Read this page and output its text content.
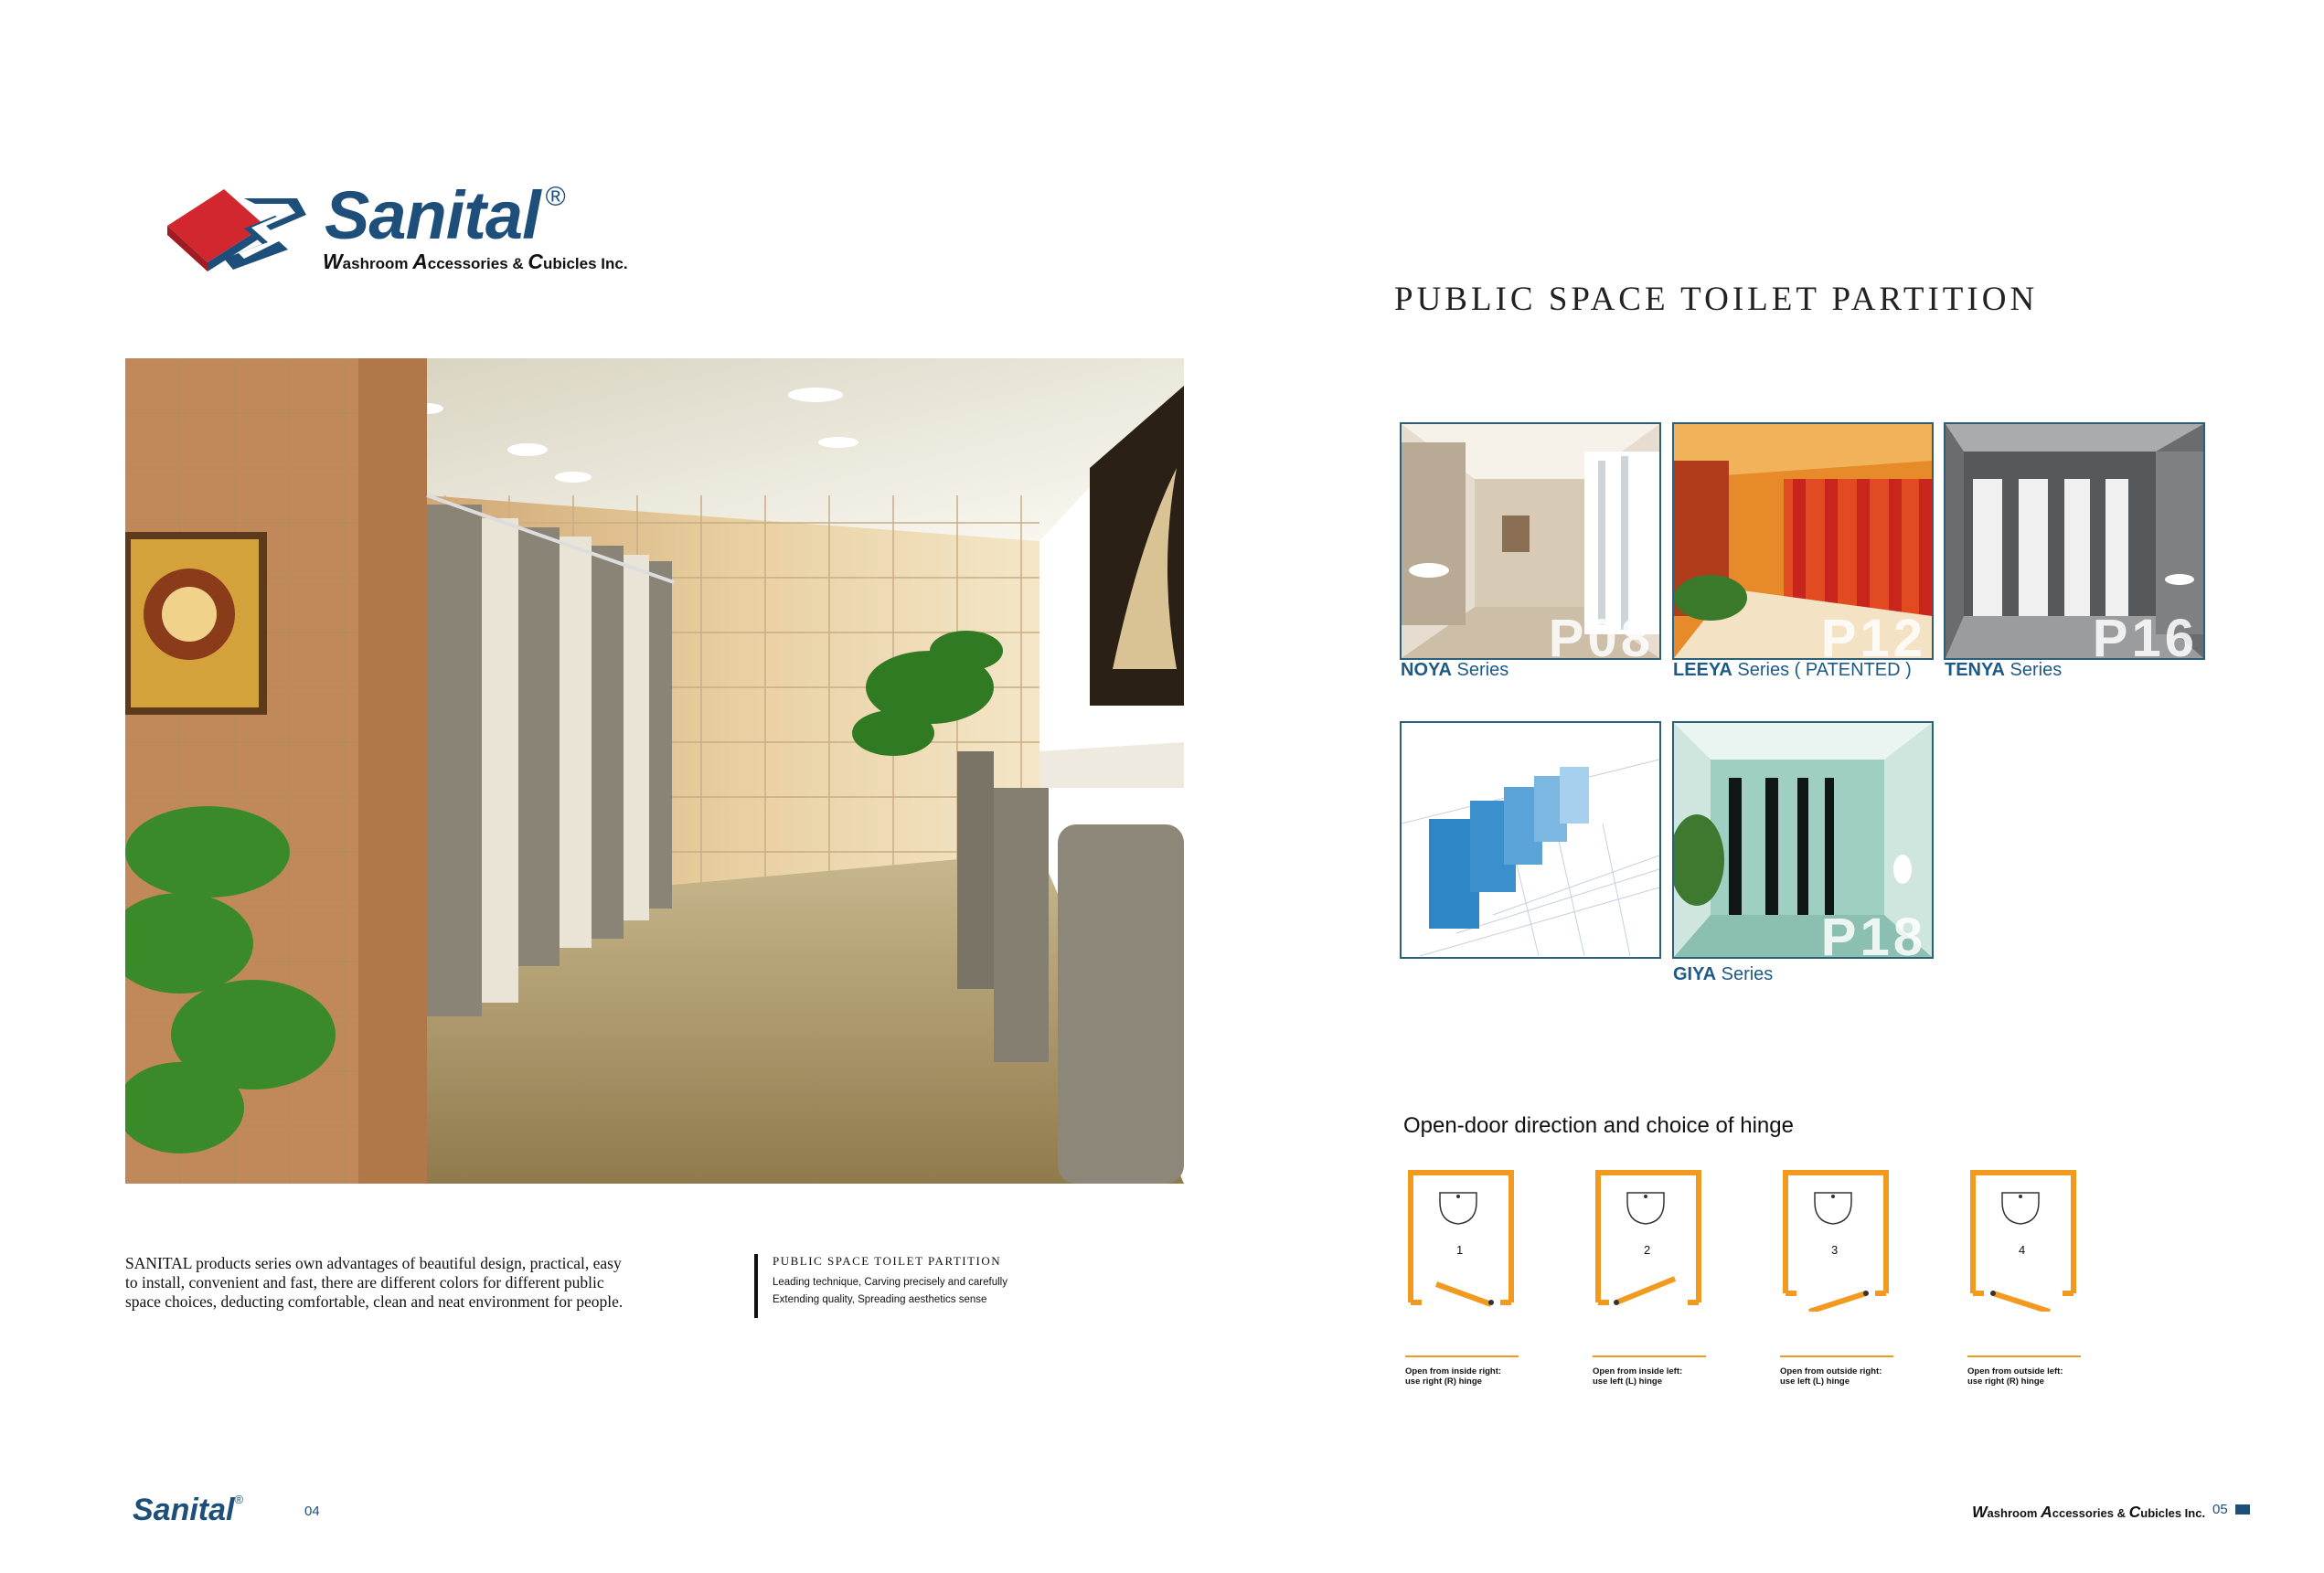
Sanital ®
Washroom Accessories & Cubicles Inc.
SANITAL products series own advantages of beautiful design, practical, easy to install, convenient and fast, there are different colors for different public space choices, deducting comfortable, clean and neat environment for people.
PUBLIC SPACE TOILET PARTITION
Leading technique, Carving precisely and carefully
Extending quality, Spreading aesthetics sense
Sanital®
04
PUBLIC SPACE TOILET PARTITION
P08
NOYA Series
P12
LEEYA Series ( PATENTED )
P16
TENYA Series
P18
GIYA Series
Open-door direction and choice of hinge
1
Open from inside right:
use right (R) hinge
2
Open from inside left:
use left (L) hinge
3
Open from outside right:
use left (L) hinge
4
Open from outside left:
use right (R) hinge
Washroom Accessories & Cubicles Inc. 05
